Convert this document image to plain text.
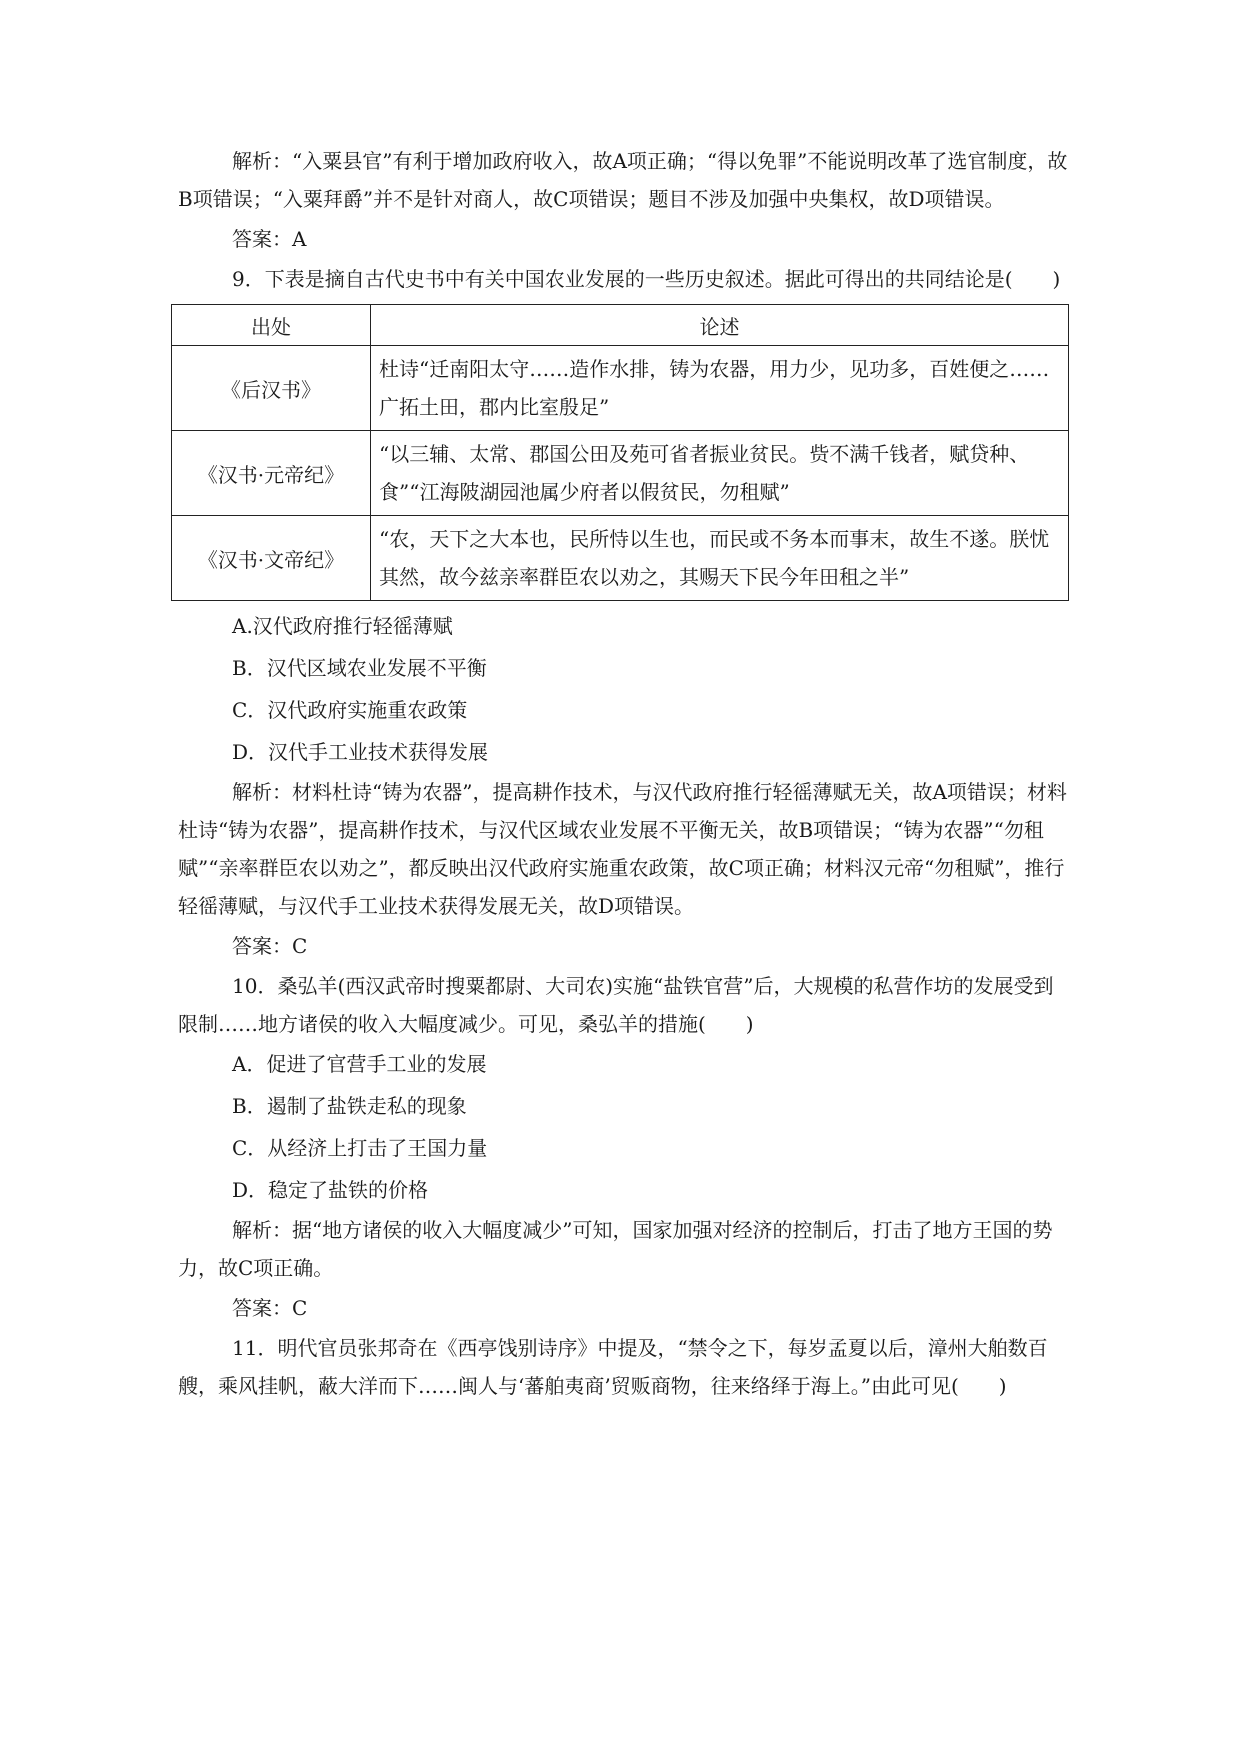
解析：“入粟县官”有利于增加政府收入，故A项正确；“得以免罪”不能说明改革了选官制度，故B项错误；“入粟拜爵”并不是针对商人，故C项错误；题目不涉及加强中央集权，故D项错误。

答案：A

9．下表是摘自古代史书中有关中国农业发展的一些历史叙述。据此可得出的共同结论是(　　)

出处	论述
《后汉书》	杜诗“迁南阳太守……造作水排，铸为农器，用力少，见功多，百姓便之……广拓土田，郡内比室殷足”
《汉书·元帝纪》	“以三辅、太常、郡国公田及苑可省者振业贫民。赀不满千钱者，赋贷种、食”“江海陂湖园池属少府者以假贫民，勿租赋”
《汉书·文帝纪》	“农，天下之大本也，民所恃以生也，而民或不务本而事末，故生不遂。朕忧其然，故今兹亲率群臣农以劝之，其赐天下民今年田租之半”

A.汉代政府推行轻徭薄赋

B．汉代区域农业发展不平衡

C．汉代政府实施重农政策

D．汉代手工业技术获得发展

解析：材料杜诗“铸为农器”，提高耕作技术，与汉代政府推行轻徭薄赋无关，故A项错误；材料杜诗“铸为农器”，提高耕作技术，与汉代区域农业发展不平衡无关，故B项错误；“铸为农器”“勿租赋”“亲率群臣农以劝之”，都反映出汉代政府实施重农政策，故C项正确；材料汉元帝“勿租赋”，推行轻徭薄赋，与汉代手工业技术获得发展无关，故D项错误。

答案：C

10．桑弘羊(西汉武帝时搜粟都尉、大司农)实施“盐铁官营”后，大规模的私营作坊的发展受到限制……地方诸侯的收入大幅度减少。可见，桑弘羊的措施(　　)

A．促进了官营手工业的发展

B．遏制了盐铁走私的现象

C．从经济上打击了王国力量

D．稳定了盐铁的价格

解析：据“地方诸侯的收入大幅度减少”可知，国家加强对经济的控制后，打击了地方王国的势力，故C项正确。

答案：C

11．明代官员张邦奇在《西亭饯别诗序》中提及，“禁令之下，每岁孟夏以后，漳州大舶数百艘，乘风挂帆，蔽大洋而下……闽人与‘蕃舶夷商’贸贩商物，往来络绎于海上。”由此可见(　　)
